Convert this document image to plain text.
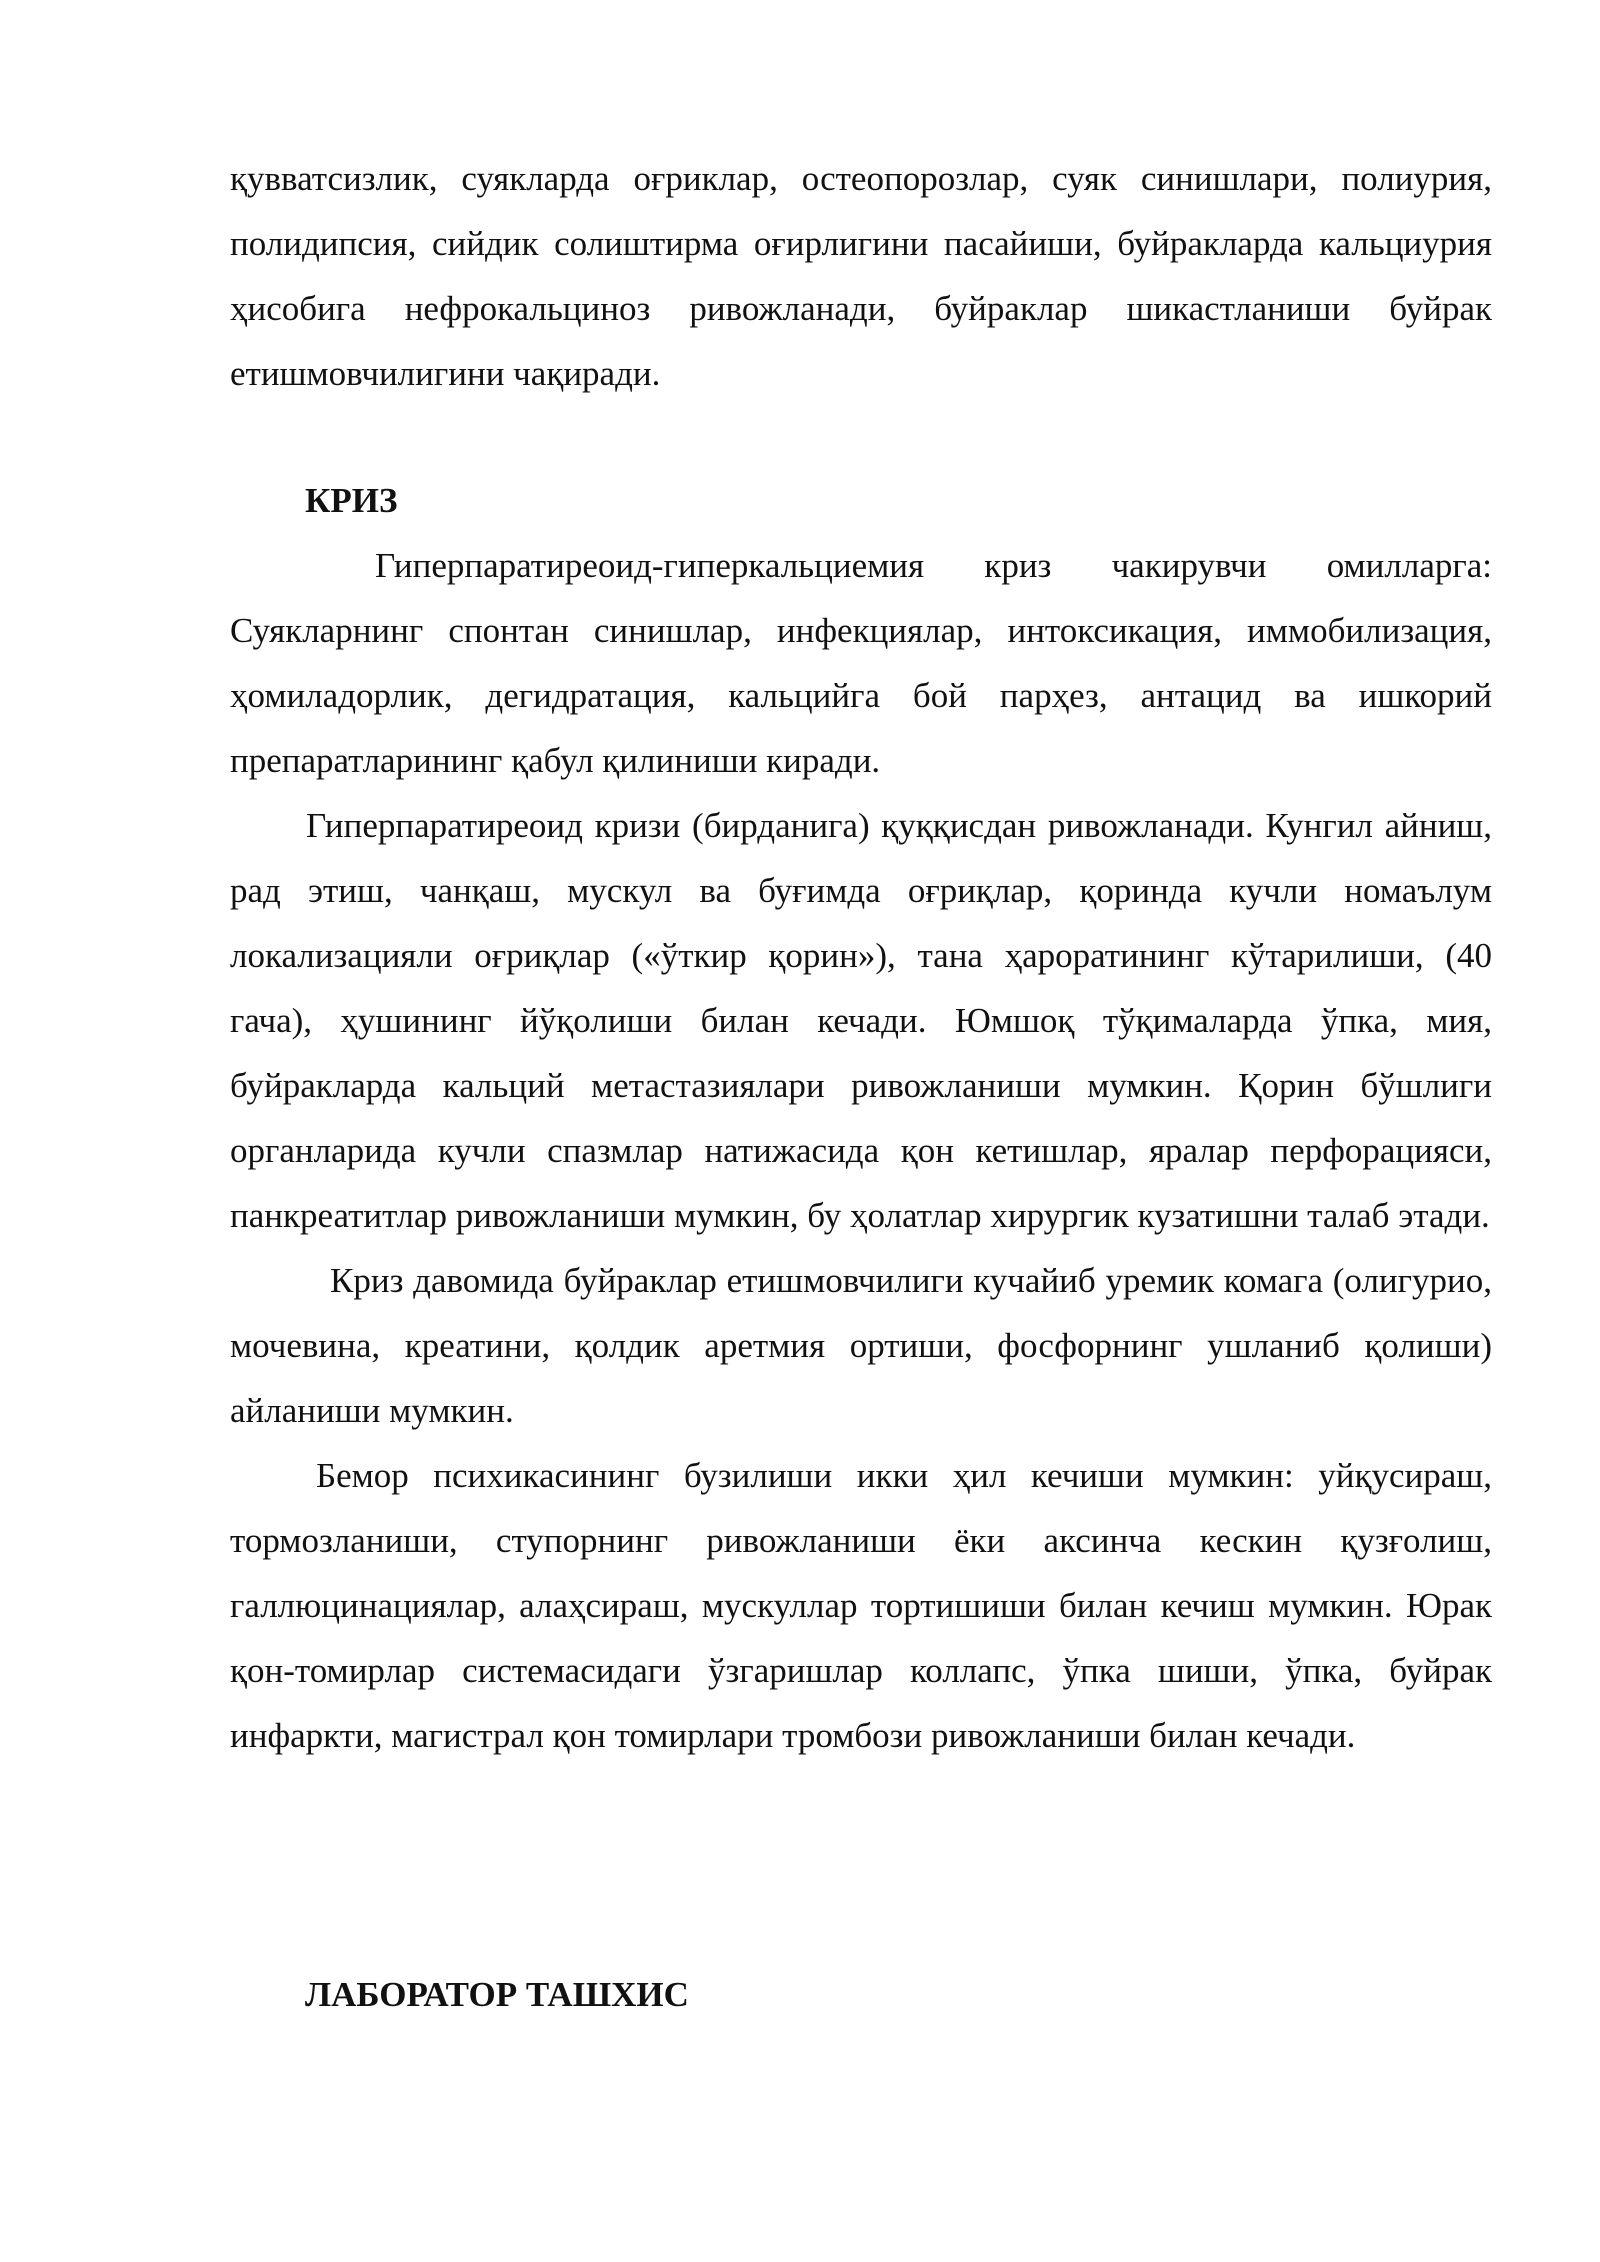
қувватсизлик, суякларда оғриклар, остеопорозлар, суяк синишлари, полиурия, полидипсия, сийдик солиштирма оғирлигини пасайиши, буйракларда кальциурия ҳисобига нефрокальциноз ривожланади, буйраклар шикастланиши буйрак етишмовчилигини чақиради.

КРИЗ

Гиперпаратиреоид-гиперкальциемия криз чакирувчи омилларга: Суякларнинг спонтан синишлар, инфекциялар, интоксикация, иммобилизация, ҳомиладорлик, дегидратация, кальцийга бой парҳез, антацид ва ишкорий препаратларининг қабул қилиниши киради.

Гиперпаратиреоид кризи (бирданига) қуққисдан ривожланади. Кунгил айниш, рад этиш, чанқаш, мускул ва буғимда оғриқлар, қоринда кучли номаълум локализацияли оғриқлар («ўткир қорин»), тана ҳароратининг кўтарилиши, (40 гача), ҳушининг йўқолиши билан кечади. Юмшоқ тўқималарда ўпка, мия, буйракларда кальций метастазиялари ривожланиши мумкин. Қорин бўшлиги органларида кучли спазмлар натижасида қон кетишлар, яралар перфорацияси, панкреатитлар ривожланиши мумкин, бу ҳолатлар хирургик кузатишни талаб этади.

Криз давомида буйраклар етишмовчилиги кучайиб уремик комага (олигурио, мочевина, креатини, қолдик аретмия ортиши, фосфорнинг ушланиб қолиши) айланиши мумкин.

Бемор психикасининг бузилиши икки ҳил кечиши мумкин: уйқусираш, тормозланиши, ступорнинг ривожланиши ёки аксинча кескин қузғолиш, галлюцинациялар, алаҳсираш, мускуллар тортишиши билан кечиш мумкин. Юрак қон-томирлар системасидаги ўзгаришлар коллапс, ўпка шиши, ўпка, буйрак инфаркти, магистрал қон томирлари тромбози ривожланиши билан кечади.

ЛАБОРАТОР ТАШХИС
